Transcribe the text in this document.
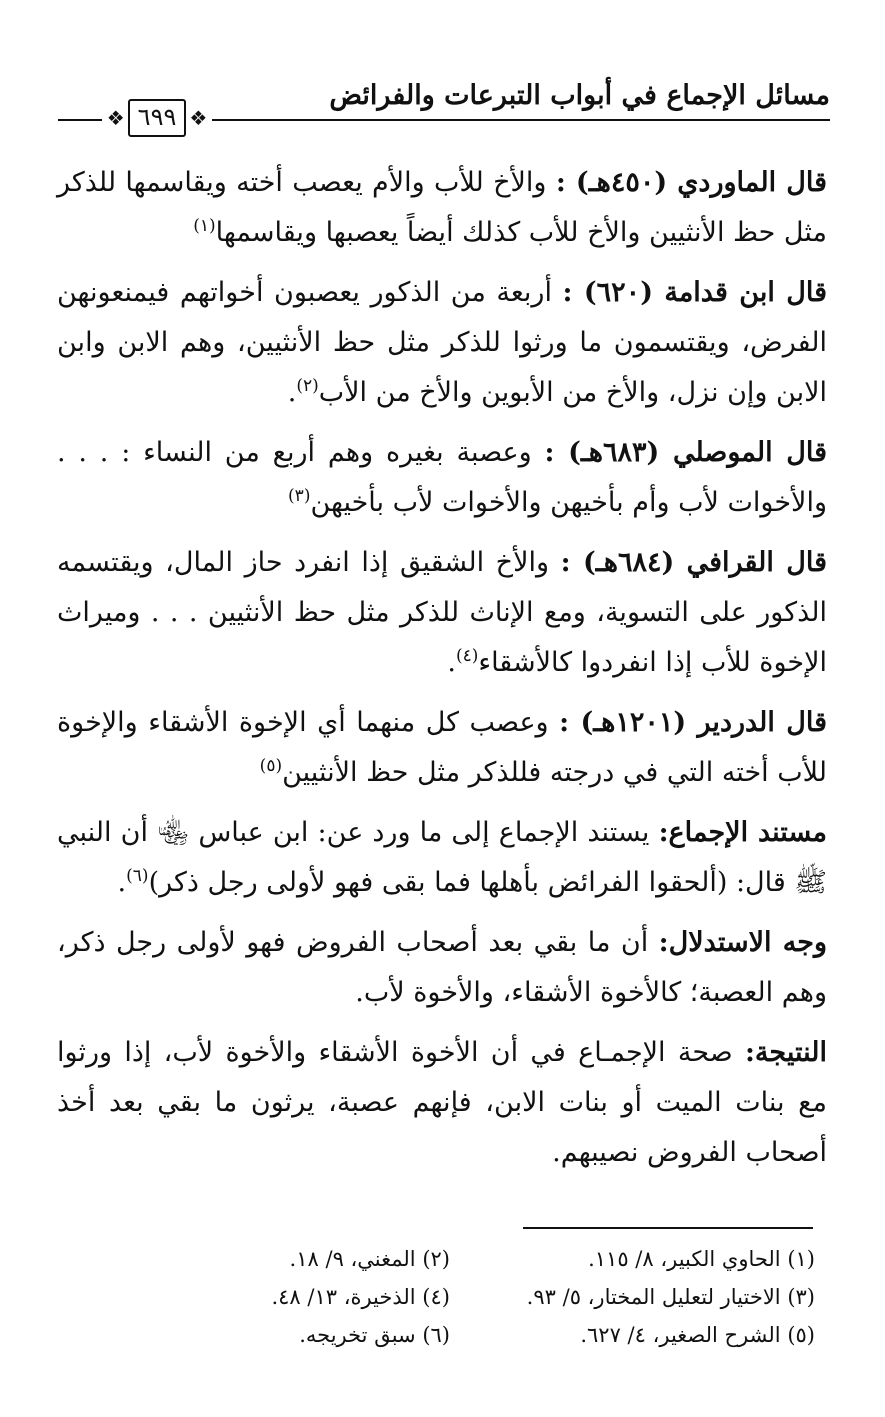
مسائل الإجماع في أبواب التبرعات والفرائض
❖
٦٩٩
❖

قال الماوردي (٤٥٠هـ) : والأخ للأب والأم يعصب أخته ويقاسمها للذكر مثل حظ الأنثيين والأخ للأب كذلك أيضاً يعصبها ويقاسمها$^{(١)}$

قال ابن قدامة (٦٢٠) : أربعة من الذكور يعصبون أخواتهم فيمنعونهن الفرض، ويقتسمون ما ورثوا للذكر مثل حظ الأنثيين، وهم الابن وابن الابن وإن نزل، والأخ من الأبوين والأخ من الأب$^{(٢)}$.

قال الموصلي (٦٨٣هـ) : وعصبة بغيره وهم أربع من النساء : . . . والأخوات لأب وأم بأخيهن والأخوات لأب بأخيهن$^{(٣)}$

قال القرافي (٦٨٤هـ) : والأخ الشقيق إذا انفرد حاز المال، ويقتسمه الذكور على التسوية، ومع الإناث للذكر مثل حظ الأنثيين . . . وميراث الإخوة للأب إذا انفردوا كالأشقاء$^{(٤)}$.

قال الدردير (١٢٠١هـ) : وعصب كل منهما أي الإخوة الأشقاء والإخوة للأب أخته التي في درجته فللذكر مثل حظ الأنثيين$^{(٥)}$

مستند الإجماع: يستند الإجماع إلى ما ورد عن: ابن عباس ﵄ أن النبي ﷺ قال: (ألحقوا الفرائض بأهلها فما بقى فهو لأولى رجل ذكر)$^{(٦)}$.

وجه الاستدلال: أن ما بقي بعد أصحاب الفروض فهو لأولى رجل ذكر، وهم العصبة؛ كالأخوة الأشقاء، والأخوة لأب.

النتيجة: صحة الإجمـاع في أن الأخوة الأشقاء والأخوة لأب، إذا ورثوا مع بنات الميت أو بنات الابن، فإنهم عصبة، يرثون ما بقي بعد أخذ أصحاب الفروض نصيبهم.

(١) الحاوي الكبير، ٨/ ١١٥.
(٢) المغني، ٩/ ١٨.
(٣) الاختيار لتعليل المختار، ٥/ ٩٣.
(٤) الذخيرة، ١٣/ ٤٨.
(٥) الشرح الصغير، ٤/ ٦٢٧.
(٦) سبق تخريجه.
